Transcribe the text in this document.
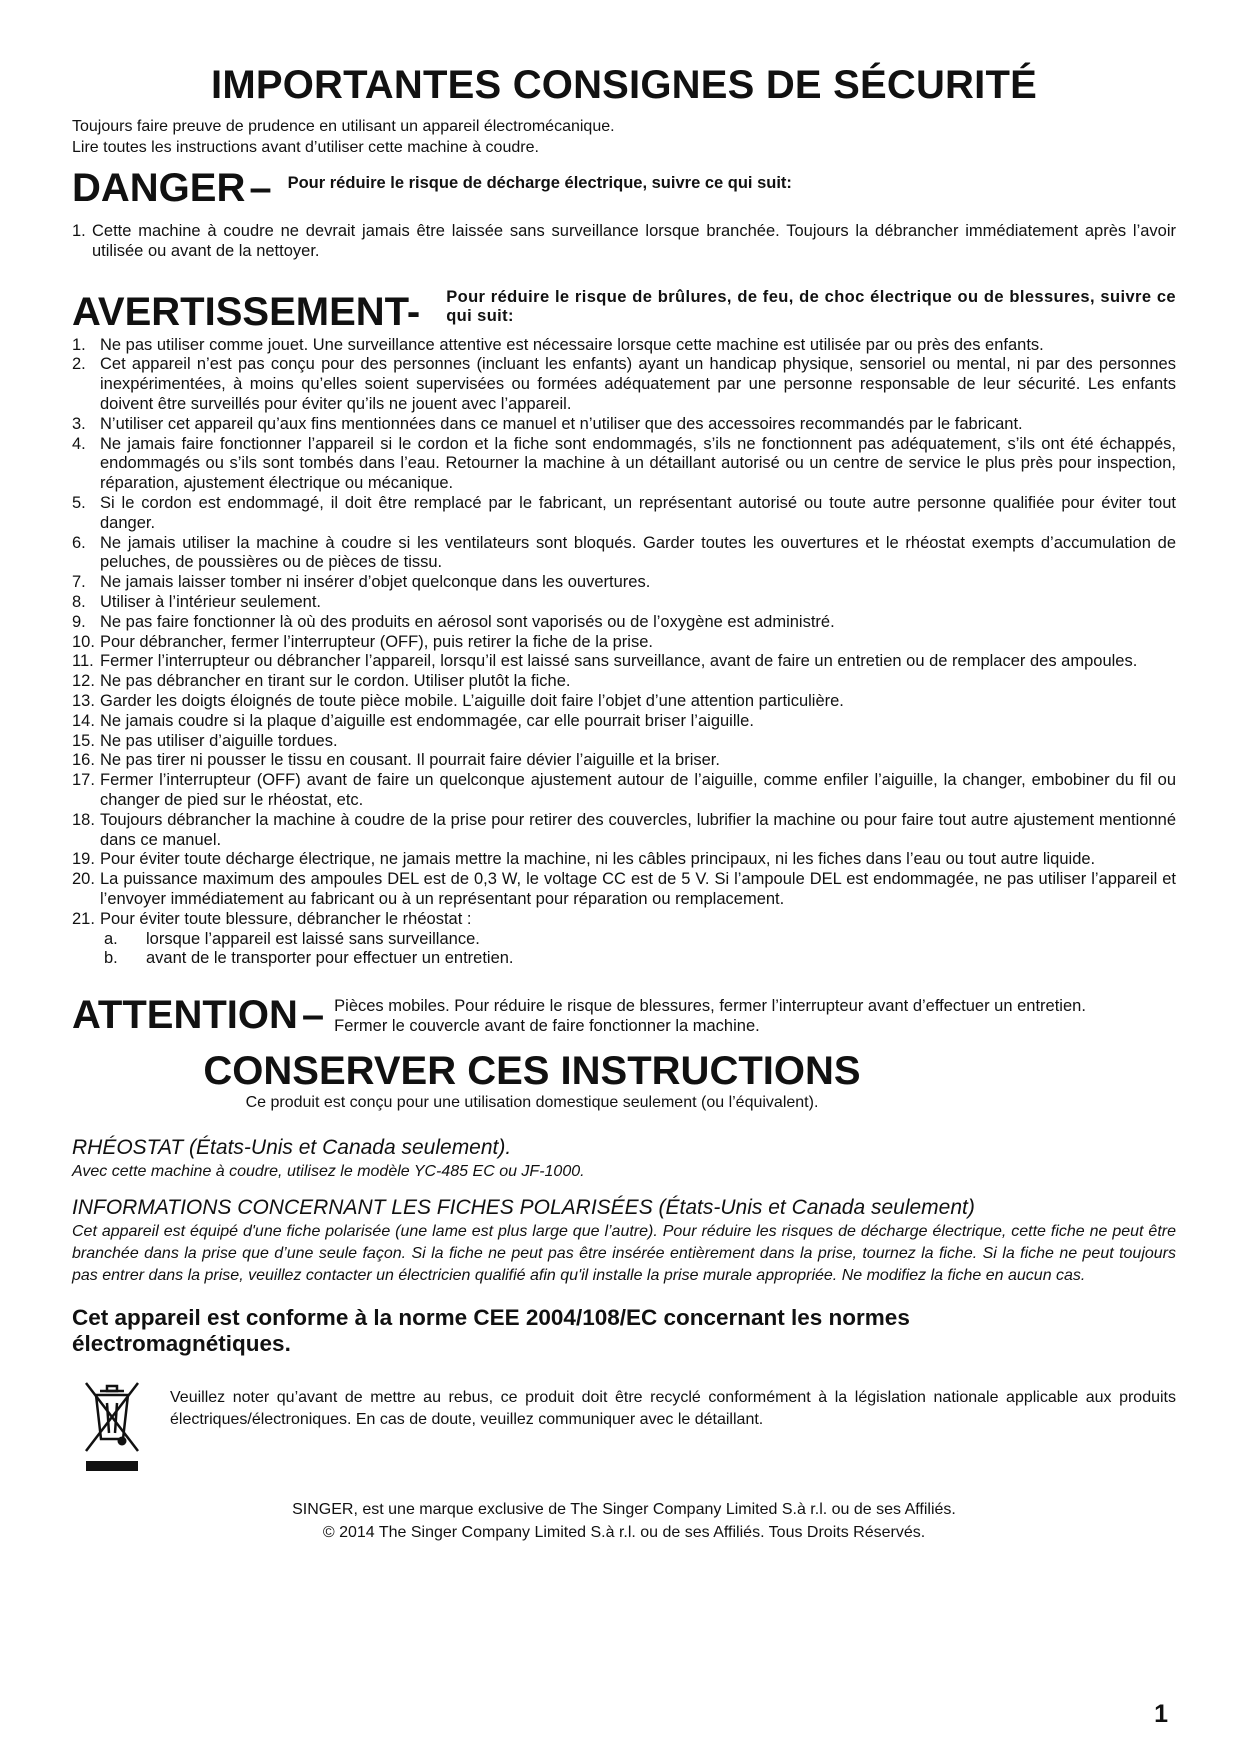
IMPORTANTES CONSIGNES DE SÉCURITÉ
Toujours faire preuve de prudence en utilisant un appareil électromécanique.
Lire toutes les instructions avant d’utiliser cette machine à coudre.
DANGER – Pour réduire le risque de décharge électrique, suivre ce qui suit:
1. Cette machine à coudre ne devrait jamais être laissée sans surveillance lorsque branchée. Toujours la débrancher immédiatement après l’avoir utilisée ou avant de la nettoyer.
AVERTISSEMENT- Pour réduire le risque de brûlures, de feu, de choc électrique ou de blessures, suivre ce qui suit:
1. Ne pas utiliser comme jouet. Une surveillance attentive est nécessaire lorsque cette machine est utilisée par ou près des enfants.
2. Cet appareil n’est pas conçu pour des personnes (incluant les enfants) ayant un handicap physique, sensoriel ou mental, ni par des personnes inexpérimentées, à moins qu’elles soient supervisées ou formées adéquatement par une personne responsable de leur sécurité. Les enfants doivent être surveillés pour éviter qu’ils ne jouent avec l’appareil.
3. N’utiliser cet appareil qu’aux fins mentionnées dans ce manuel et n’utiliser que des accessoires recommandés par le fabricant.
4. Ne jamais faire fonctionner l’appareil si le cordon et la fiche sont endommagés, s’ils ne fonctionnent pas adéquatement, s’ils ont été échappés, endommagés ou s’ils sont tombés dans l’eau. Retourner la machine à un détaillant autorisé ou un centre de service le plus près pour inspection, réparation, ajustement électrique ou mécanique.
5. Si le cordon est endommagé, il doit être remplacé par le fabricant, un représentant autorisé ou toute autre personne qualifiée pour éviter tout danger.
6. Ne jamais utiliser la machine à coudre si les ventilateurs sont bloqués. Garder toutes les ouvertures et le rhéostat exempts d’accumulation de peluches, de poussières ou de pièces de tissu.
7. Ne jamais laisser tomber ni insérer d’objet quelconque dans les ouvertures.
8. Utiliser à l’intérieur seulement.
9. Ne pas faire fonctionner là où des produits en aérosol sont vaporisés ou de l’oxygène est administré.
10. Pour débrancher, fermer l’interrupteur (OFF), puis retirer la fiche de la prise.
11. Fermer l’interrupteur ou débrancher l’appareil, lorsqu’il est laissé sans surveillance, avant de faire un entretien ou de remplacer des ampoules.
12. Ne pas débrancher en tirant sur le cordon. Utiliser plutôt la fiche.
13. Garder les doigts éloignés de toute pièce mobile. L’aiguille doit faire l’objet d’une attention particulière.
14. Ne jamais coudre si la plaque d’aiguille est endommagée, car elle pourrait briser l’aiguille.
15. Ne pas utiliser d’aiguille tordues.
16. Ne pas tirer ni pousser le tissu en cousant. Il pourrait faire dévier l’aiguille et la briser.
17. Fermer l’interrupteur (OFF) avant de faire un quelconque ajustement autour de l’aiguille, comme enfiler l’aiguille, la changer, embobiner du fil ou changer de pied sur le rhéostat, etc.
18. Toujours débrancher la machine à coudre de la prise pour retirer des couvercles, lubrifier la machine ou pour faire tout autre ajustement mentionné dans ce manuel.
19. Pour éviter toute décharge électrique, ne jamais mettre la machine, ni les câbles principaux, ni les fiches dans l’eau ou tout autre liquide.
20. La puissance maximum des ampoules DEL est de 0,3 W, le voltage CC est de 5 V. Si l’ampoule DEL est endommagée, ne pas utiliser l’appareil et l’envoyer immédiatement au fabricant ou à un représentant pour réparation ou remplacement.
21. Pour éviter toute blessure, débrancher le rhéostat :
a.	lorsque l’appareil est laissé sans surveillance.
b.	avant de le transporter pour effectuer un entretien.
ATTENTION – Pièces mobiles. Pour réduire le risque de blessures, fermer l’interrupteur avant d’effectuer un entretien. Fermer le couvercle avant de faire fonctionner la machine.
CONSERVER CES INSTRUCTIONS
Ce produit est conçu pour une utilisation domestique seulement (ou l’équivalent).
RHÉOSTAT (États-Unis et Canada seulement).
Avec cette machine à coudre, utilisez le modèle YC-485 EC ou JF-1000.
INFORMATIONS CONCERNANT LES FICHES POLARISÉES (États-Unis et Canada seulement)
Cet appareil est équipé d'une fiche polarisée (une lame est plus large que l’autre). Pour réduire les risques de décharge électrique, cette fiche ne peut être branchée dans la prise que d’une seule façon. Si la fiche ne peut pas être insérée entièrement dans la prise, tournez la fiche. Si la fiche ne peut toujours pas entrer dans la prise, veuillez contacter un électricien qualifié afin qu'il installe la prise murale appropriée. Ne modifiez la fiche en aucun cas.
Cet appareil est conforme à la norme CEE 2004/108/EC concernant les normes électromagnétiques.
Veuillez noter qu’avant de mettre au rebus, ce produit doit être recyclé conformément à la législation nationale applicable aux produits électriques/électroniques. En cas de doute, veuillez communiquer avec le détaillant.
SINGER, est une marque exclusive de The Singer Company Limited S.à r.l. ou de ses Affiliés.
© 2014 The Singer Company Limited S.à r.l. ou de ses Affiliés. Tous Droits Réservés.
1
